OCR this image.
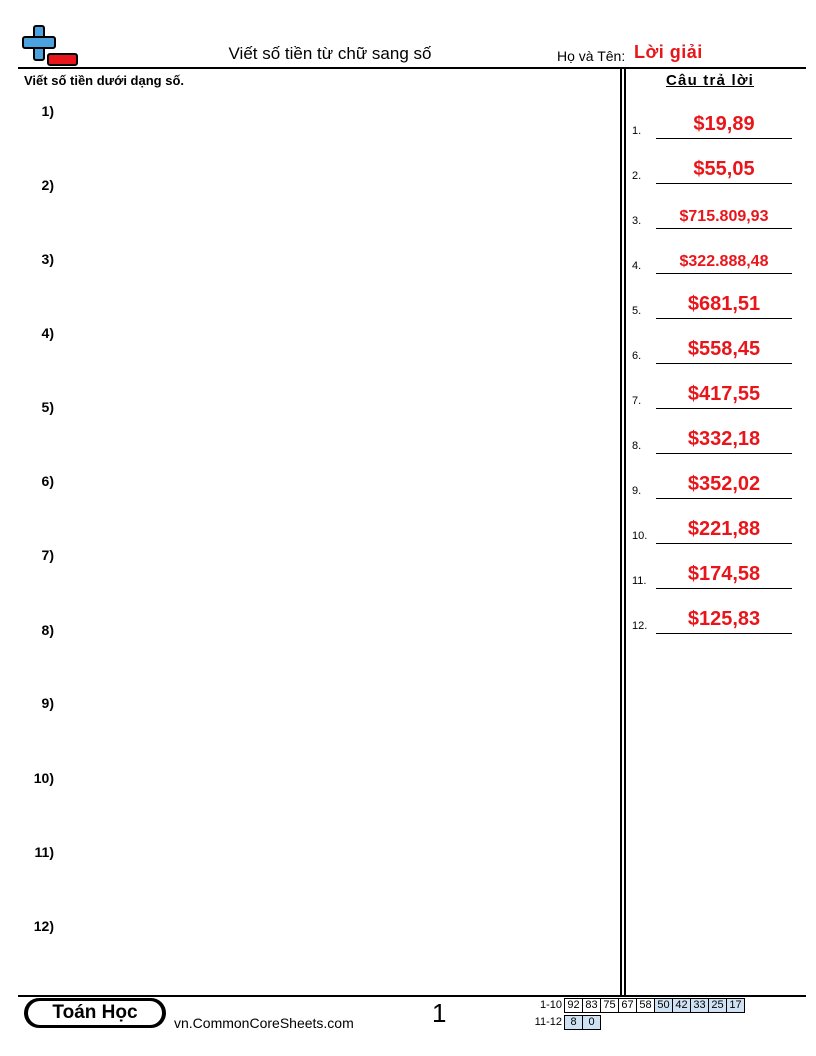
Viết số tiền từ chữ sang số	Họ và Tên: Lời giải
Viết số tiền dưới dạng số.
1)
2)
3)
4)
5)
6)
7)
8)
9)
10)
11)
12)
Câu trả lời
1.	$19,89
2.	$55,05
3.	$715.809,93
4.	$322.888,48
5.	$681,51
6.	$558,45
7.	$417,55
8.	$332,18
9.	$352,02
10.	$221,88
11.	$174,58
12.	$125,83
Toán Học	vn.CommonCoreSheets.com	1	1-10	92	83	75	67	58	50	42	33	25	17
11-12	8	0
